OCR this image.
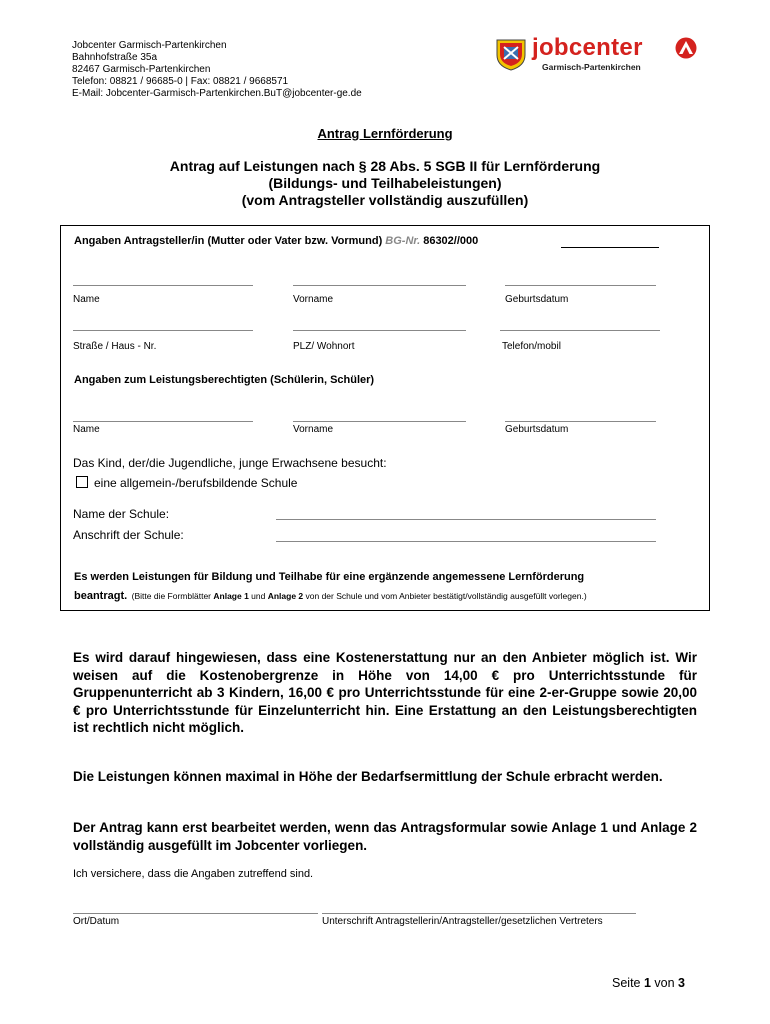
Jobcenter Garmisch-Partenkirchen
Bahnhofstraße 35a
82467 Garmisch-Partenkirchen
Telefon: 08821 / 96685-0 | Fax: 08821 / 9668571
E-Mail: Jobcenter-Garmisch-Partenkirchen.BuT@jobcenter-ge.de
jobcenter
Garmisch-Partenkirchen
Antrag Lernförderung
Antrag auf Leistungen nach § 28 Abs. 5 SGB II für Lernförderung
(Bildungs- und Teilhabeleistungen)
(vom Antragsteller vollständig auszufüllen)
Angaben Antragsteller/in (Mutter oder Vater bzw. Vormund) BG-Nr. 86302//000
Name	Vorname	Geburtsdatum
Straße / Haus - Nr.	PLZ/ Wohnort	Telefon/mobil
Angaben zum Leistungsberechtigten (Schülerin, Schüler)
Name	Vorname	Geburtsdatum
Das Kind, der/die Jugendliche, junge Erwachsene besucht:
eine allgemein-/berufsbildende Schule
Name der Schule:
Anschrift der Schule:
Es werden Leistungen für Bildung und Teilhabe für eine ergänzende angemessene Lernförderung
beantragt. (Bitte die Formblätter Anlage 1 und Anlage 2 von der Schule und vom Anbieter bestätigt/vollständig ausgefüllt vorlegen.)
Es wird darauf hingewiesen, dass eine Kostenerstattung nur an den Anbieter möglich ist. Wir weisen auf die Kostenobergrenze in Höhe von 14,00 € pro Unterrichtsstunde für Gruppenunterricht ab 3 Kindern, 16,00 € pro Unterrichtsstunde für eine 2-er-Gruppe sowie 20,00 € pro Unterrichtsstunde für Einzelunterricht hin. Eine Erstattung an den Leistungsberechtigten ist rechtlich nicht möglich.
Die Leistungen können maximal in Höhe der Bedarfsermittlung der Schule erbracht werden.
Der Antrag kann erst bearbeitet werden, wenn das Antragsformular sowie Anlage 1 und Anlage 2 vollständig ausgefüllt im Jobcenter vorliegen.
Ich versichere, dass die Angaben zutreffend sind.
Ort/Datum	Unterschrift Antragstellerin/Antragsteller/gesetzlichen Vertreters
Seite 1 von 3
